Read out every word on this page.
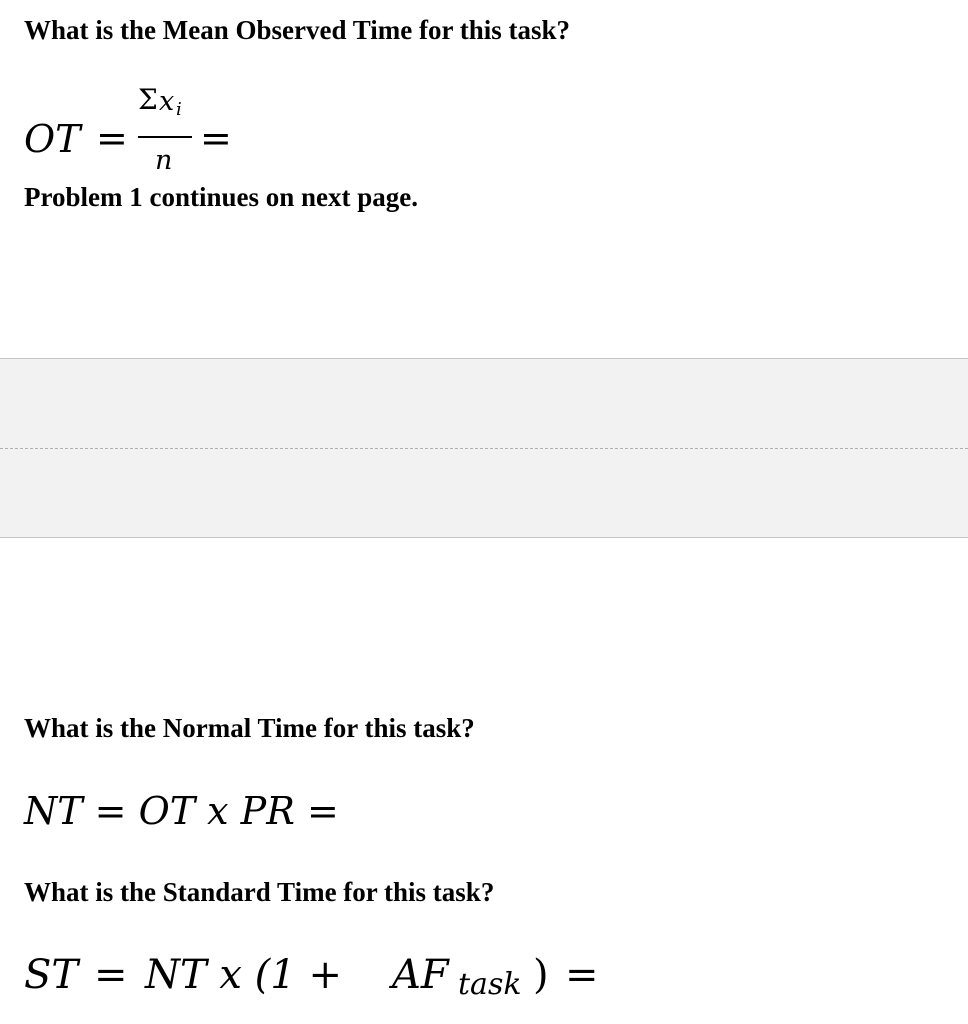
What is the Mean Observed Time for this task?
OT =
Σ x i
n
=
Problem 1 continues on next page.
What is the Normal Time for this task?
NT = OT x PR =
What is the Standard Time for this task?
ST = NT x (1 + AF task ) =
